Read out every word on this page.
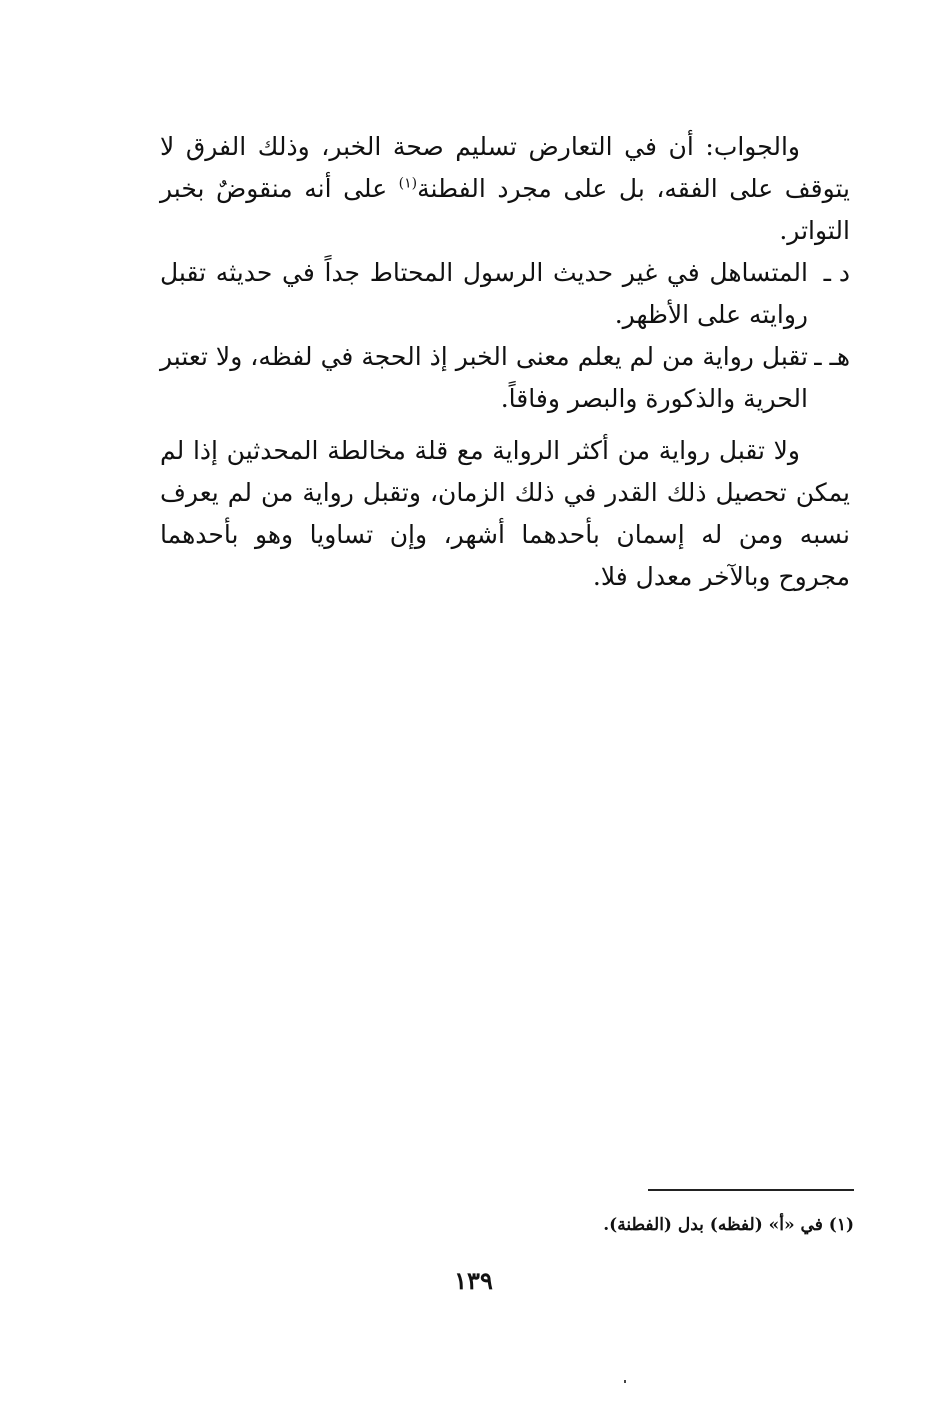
والجواب: أن في التعارض تسليم صحة الخبر، وذلك الفرق لا يتوقف على الفقه، بل على مجرد الفطنة$^{(١)}$ على أنه منقوضٌ بخبر التواتر.

د ـ
المتساهل في غير حديث الرسول المحتاط جداً في حديثه تقبل روايته على الأظهر.

هـ ـ
تقبل رواية من لم يعلم معنى الخبر إذ الحجة في لفظه، ولا تعتبر الحرية والذكورة والبصر وفاقاً.

ولا تقبل رواية من أكثر الرواية مع قلة مخالطة المحدثين إذا لم يمكن تحصيل ذلك القدر في ذلك الزمان، وتقبل رواية من لم يعرف نسبه ومن له إسمان بأحدهما أشهر، وإن تساويا وهو بأحدهما مجروح وبالآخر معدل فلا.

(١) في «أ» (لفظه) بدل (الفطنة).
١٣٩
